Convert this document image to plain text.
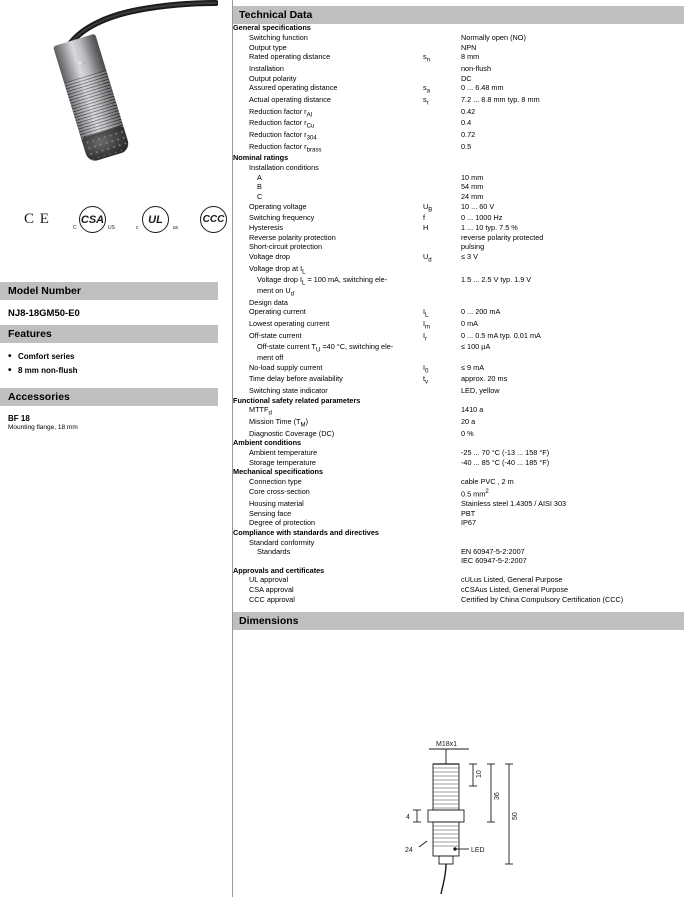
C E	CSA
C	US
UL
c	us
CCC
Model Number
NJ8-18GM50-E0
Features
• Comfort series
• 8 mm non-flush
Accessories
BF 18
Mounting flange, 18 mm
Technical Data
General specifications		
Switching function		Normally open (NO)
Output type		NPN
Rated operating distance	$s_n$	8 mm
Installation		non-flush
Output polarity		DC
Assured operating distance	$s_a$	0 ... 6.48 mm
Actual operating distance	$s_r$	7.2 ... 8.8 mm typ. 8 mm
Reduction factor $r_{Al}$		0.42
Reduction factor $r_{Cu}$		0.4
Reduction factor $r_{304}$		0.72
Reduction factor $r_{brass}$		0.5
Nominal ratings		
Installation conditions		
A		10 mm
B		54 mm
C		24 mm
Operating voltage	$U_B$	10 ... 60 V
Switching frequency	f	0 ... 1000 Hz
Hysteresis	H	1 ... 10 typ. 7.5 %
Reverse polarity protection		reverse polarity protected
Short-circuit protection		pulsing
Voltage drop	$U_d$	≤ 3 V
Voltage drop at $I_L$		
Voltage drop $I_L = 100$ mA, switching ele-
ment on $U_d$		1.5 ... 2.5 V typ. 1.9 V
Design data		
Operating current	$I_L$	0 ... 200 mA
Lowest operating current	$I_m$	0 mA
Off-state current	$I_r$	0 ... 0.5 mA typ. 0.01 mA
Off-state current $T_U =40$ °C, switching ele-
ment off		≤ 100 µA
No-load supply current	$I_0$	≤ 9 mA
Time delay before availability	$t_v$	approx. 20 ms
Switching state indicator		LED, yellow
Functional safety related parameters		
$MTTF_d$		1410 a
Mission Time $(T_M)$		20 a
Diagnostic Coverage (DC)		0 %
Ambient conditions		
Ambient temperature		-25 ... 70 °C (-13 ... 158 °F)
Storage temperature		-40 ... 85 °C (-40 ... 185 °F)
Mechanical specifications		
Connection type		cable PVC , 2 m
Core cross-section		0.5 $mm^2$
Housing material		Stainless steel 1.4305 / AISI 303
Sensing face		PBT
Degree of protection		IP67
Compliance with standards and directives		
Standard conformity		
Standards		EN 60947-5-2:2007
IEC 60947-5-2:2007
Approvals and certificates		
UL approval		cULus Listed, General Purpose
CSA approval		cCSAus Listed, General Purpose
CCC approval		Certified by China Compulsory Certification (CCC)
Dimensions
M18x1
10
36
50
4
24	LED
